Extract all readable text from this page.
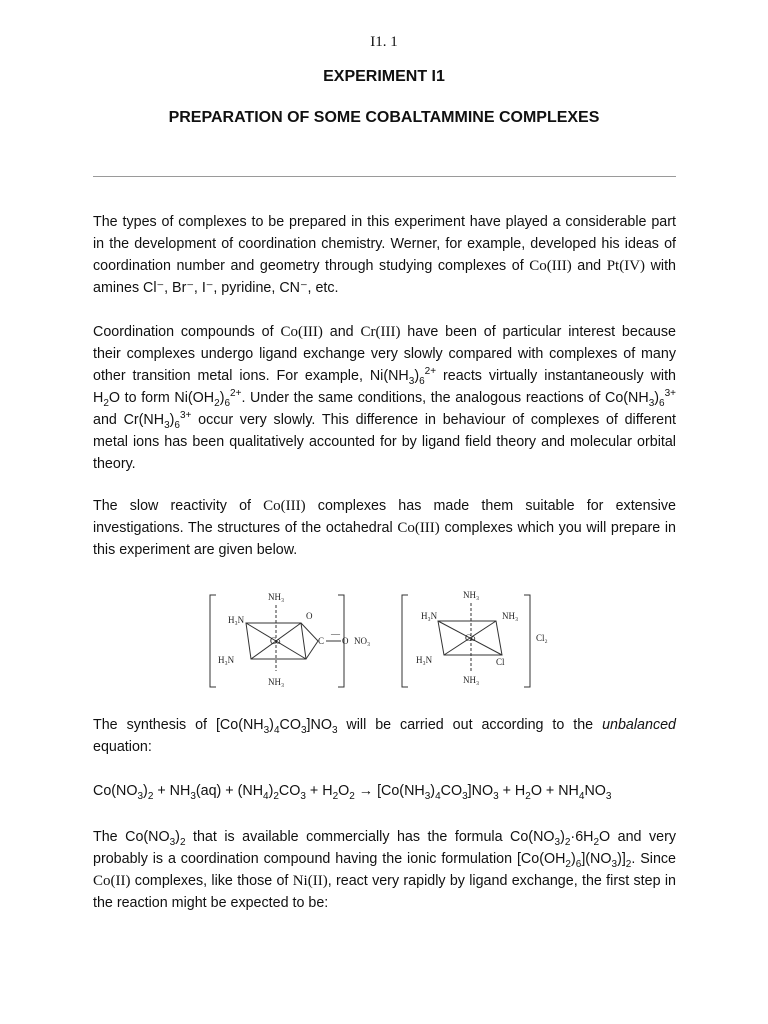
I1. 1
EXPERIMENT I1
PREPARATION OF SOME COBALTAMMINE COMPLEXES

The types of complexes to be prepared in this experiment have played a considerable part in the development of coordination chemistry. Werner, for example, developed his ideas of coordination number and geometry through studying complexes of Co(III) and Pt(IV) with amines Cl⁻, Br⁻, I⁻, pyridine, CN⁻, etc.

Coordination compounds of Co(III) and Cr(III) have been of particular interest because their complexes undergo ligand exchange very slowly compared with complexes of many other transition metal ions. For example, $Ni(NH_3)_6^{2+}$ reacts virtually instantaneously with $H_2O$ to form $Ni(OH_2)_6^{2+}$. Under the same conditions, the analogous reactions of $Co(NH_3)_6^{3+}$ and $Cr(NH_3)_6^{3+}$ occur very slowly. This difference in behaviour of complexes of different metal ions has been qualitatively accounted for by ligand field theory and molecular orbital theory.

The slow reactivity of Co(III) complexes has made them suitable for extensive investigations. The structures of the octahedral Co(III) complexes which you will prepare in this experiment are given below.

NH₃
H₃N
H₃N
NH₃
Co
O
C
—
O NO₃
NH₃
H₃N	NH₃
H₃N	Cl
NH₃
Co	Cl₂

The synthesis of $[Co(NH_3)_4CO_3]NO_3$ will be carried out according to the unbalanced equation:

$Co(NO_3)_2 + NH_3(aq) + (NH_4)_2CO_3 + H_2O_2 \to [Co(NH_3)_4CO_3]NO_3 + H_2O + NH_4NO_3$

The $Co(NO_3)_2$ that is available commercially has the formula $Co(NO_3)_2\cdot 6H_2O$ and very probably is a coordination compound having the ionic formulation $[Co(OH_2)_6](NO_3)]_2$. Since Co(II) complexes, like those of Ni(II), react very rapidly by ligand exchange, the first step in the reaction might be expected to be:
